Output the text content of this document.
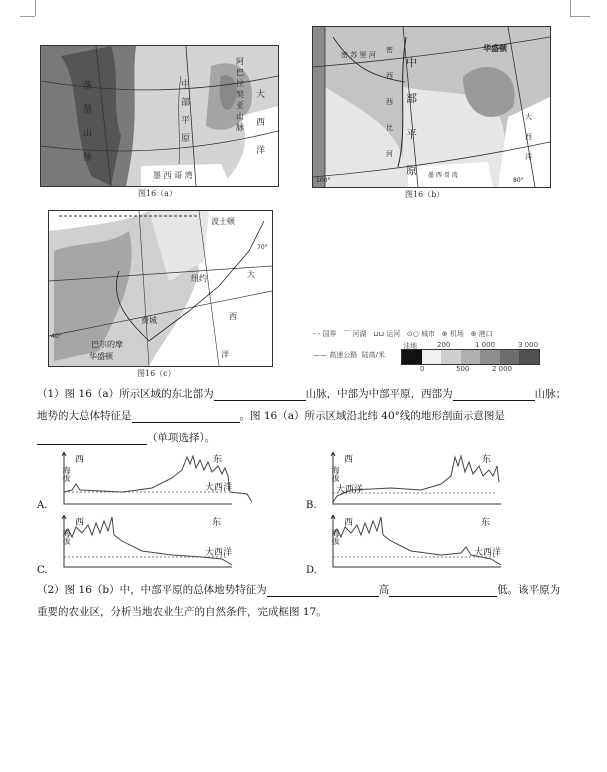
落基山脉
中部平原
阿巴拉契亚山脉
大西洋
墨 西 哥 湾
图16（a）
中部平原
密 苏 里 河
密西西比河
华盛顿
大西洋
墨 西 哥 湾
100°	80°
图16（b）
波士顿
纽约
费城
巴尔的摩
华盛顿
大
西
洋
40°
70°
图16（c）
- - 国界   ⌒ 河湖   ⊔⊔ 运河   ⊙○ 城市   ⊕ 机场   ⊕ 港口
—— 高速公路 陆高/米
洼地	200	1 000	3 000
0	500	2 000
（1）图 16（a）所示区域的东北部为	山脉，中部为中部平原，西部为	山脉；
地势的大总体特征是	。图 16（a）所示区域沿北纬 40°线的地形剖面示意图是
（单项选择）。
海拔
西	东
大西洋
A.
海拔
西	东
大西洋
B.
海拔
西	东
大西洋
C.
海拔
西	东
大西洋
D.
（2）图 16（b）中，中部平原的总体地势特征为	高	低。该平原为
重要的农业区，分析当地农业生产的自然条件，完成框图 17。
